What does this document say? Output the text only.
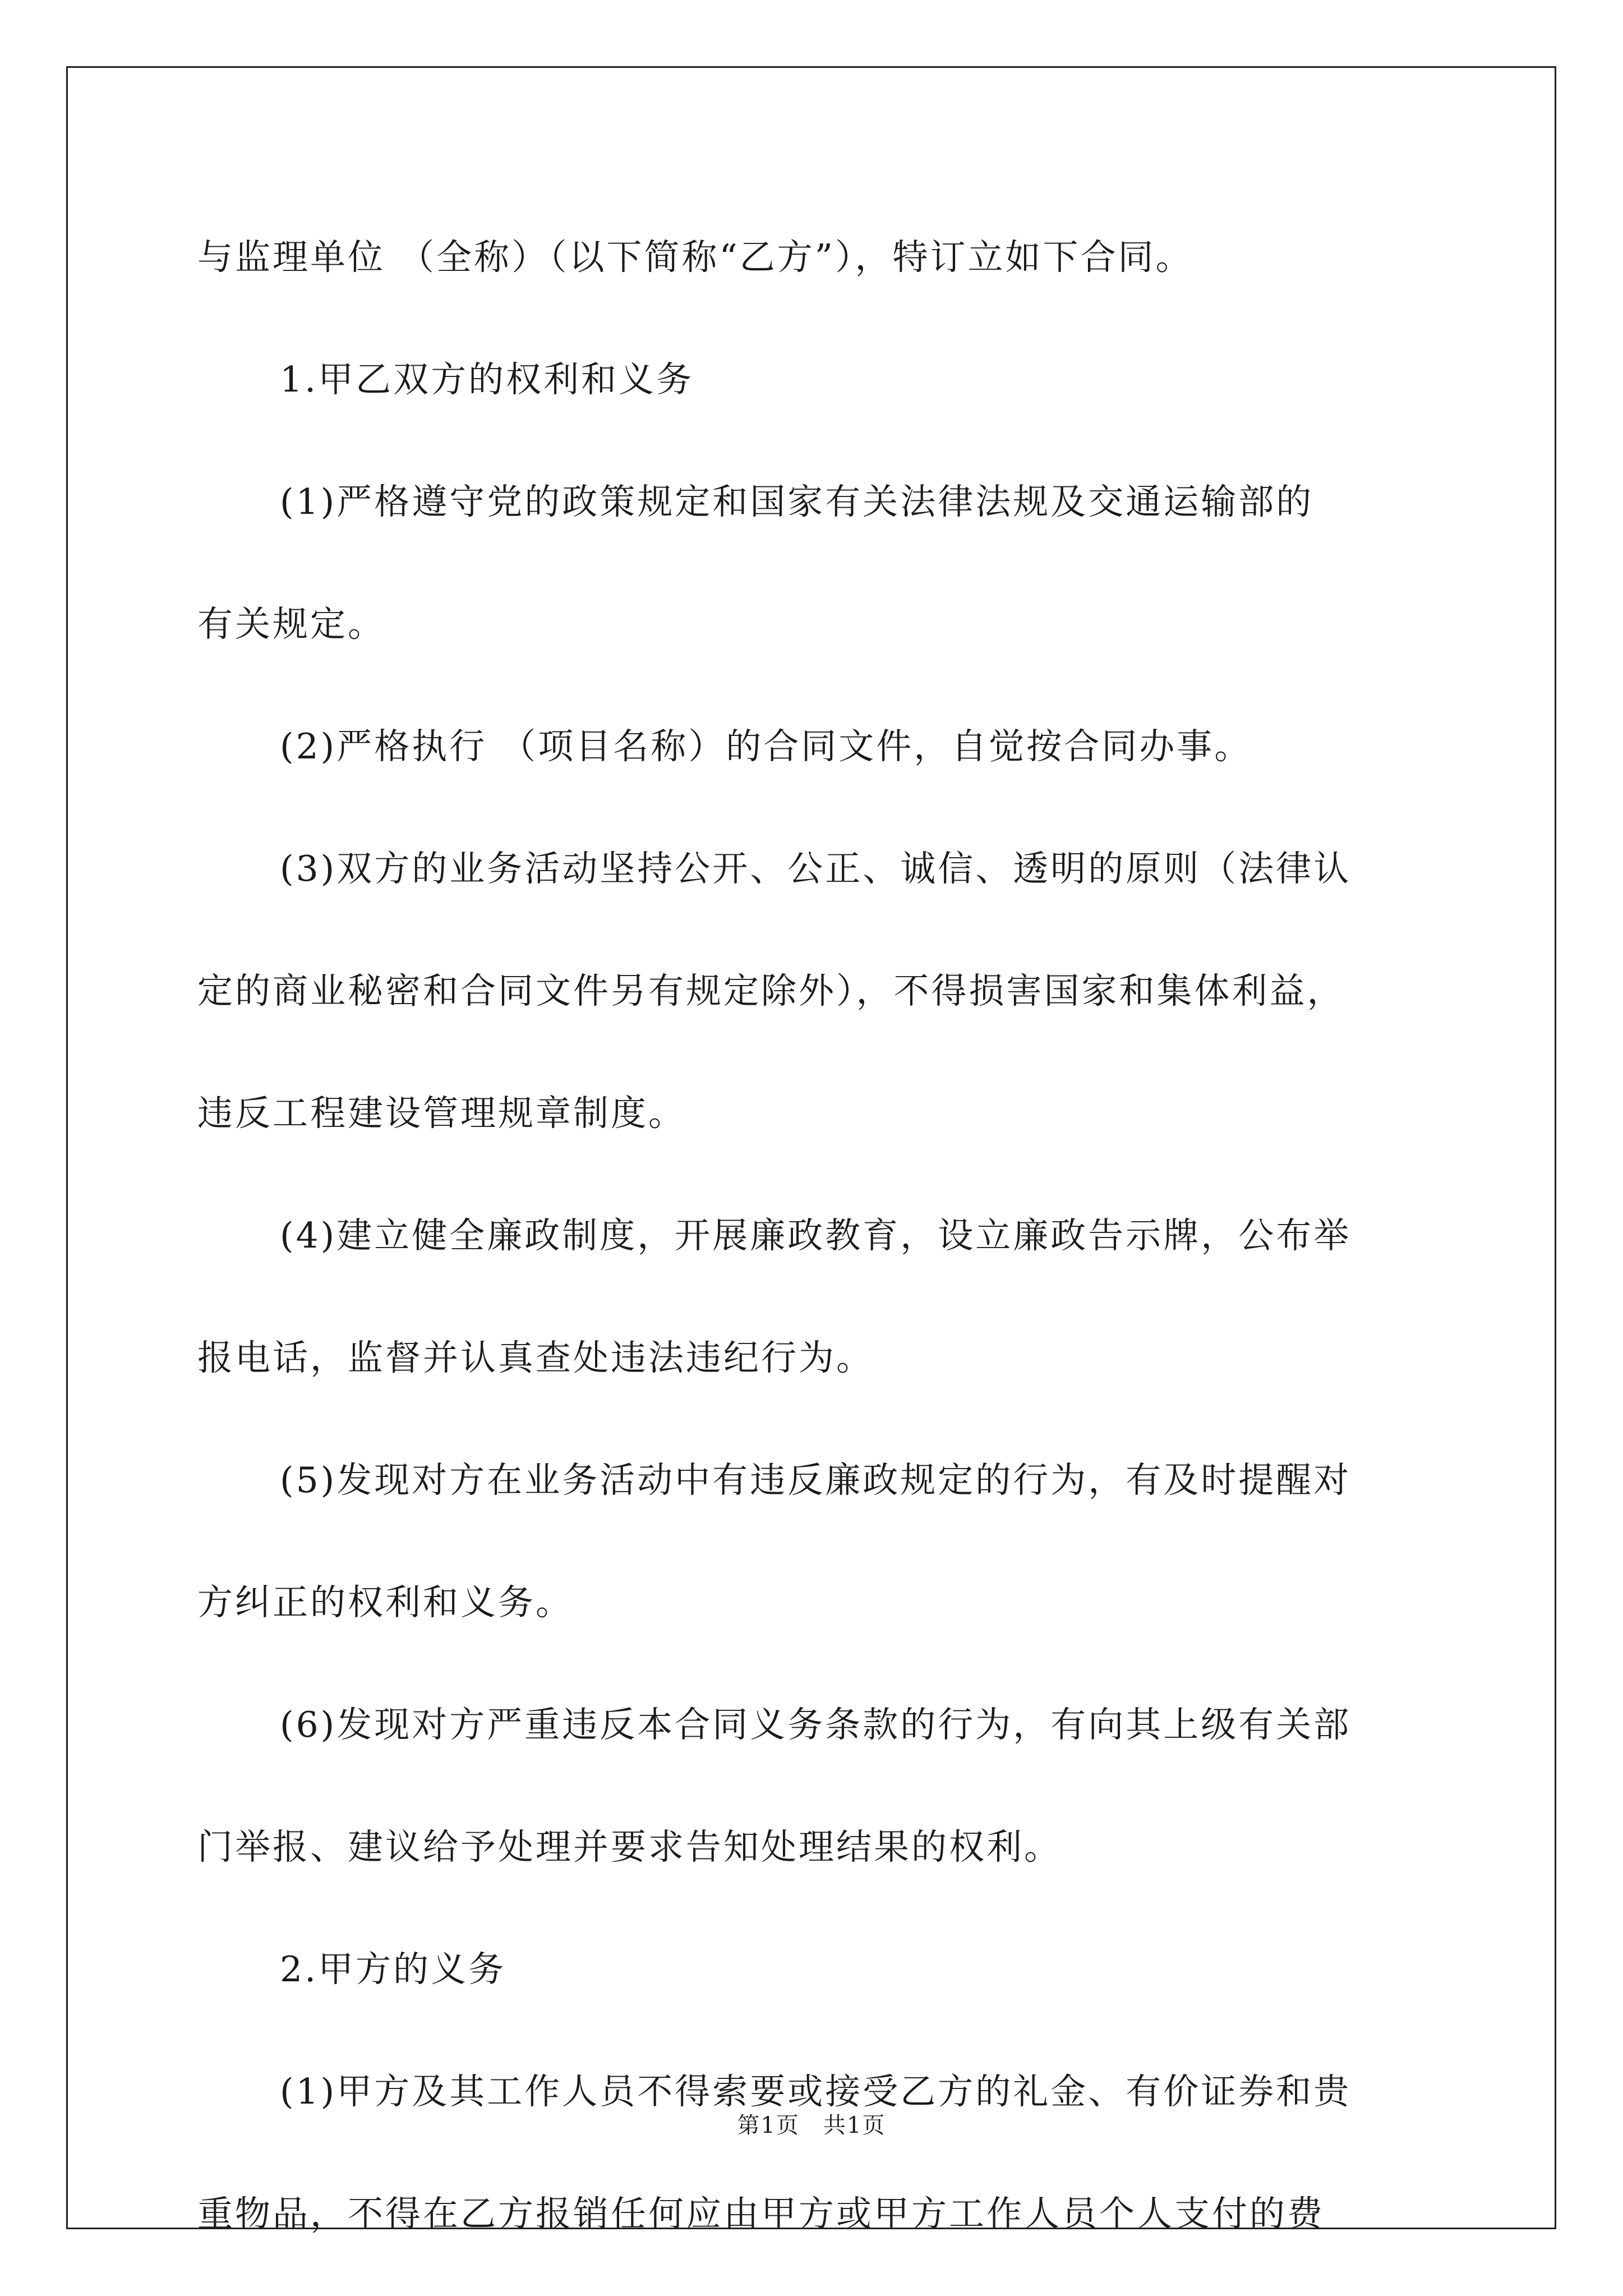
与监理单位 （全称）（以下简称“乙方”），特订立如下合同。
1.甲乙双方的权利和义务
(1)严格遵守党的政策规定和国家有关法律法规及交通运输部的
有关规定。
(2)严格执行 （项目名称）的合同文件，自觉按合同办事。
(3)双方的业务活动坚持公开、公正、诚信、透明的原则（法律认
定的商业秘密和合同文件另有规定除外），不得损害国家和集体利益，
违反工程建设管理规章制度。
(4)建立健全廉政制度，开展廉政教育，设立廉政告示牌，公布举
报电话，监督并认真查处违法违纪行为。
(5)发现对方在业务活动中有违反廉政规定的行为，有及时提醒对
方纠正的权利和义务。
(6)发现对方严重违反本合同义务条款的行为，有向其上级有关部
门举报、建议给予处理并要求告知处理结果的权利。
2.甲方的义务
(1)甲方及其工作人员不得索要或接受乙方的礼金、有价证券和贵
重物品，不得在乙方报销任何应由甲方或甲方工作人员个人支付的费
第1页　共1页
